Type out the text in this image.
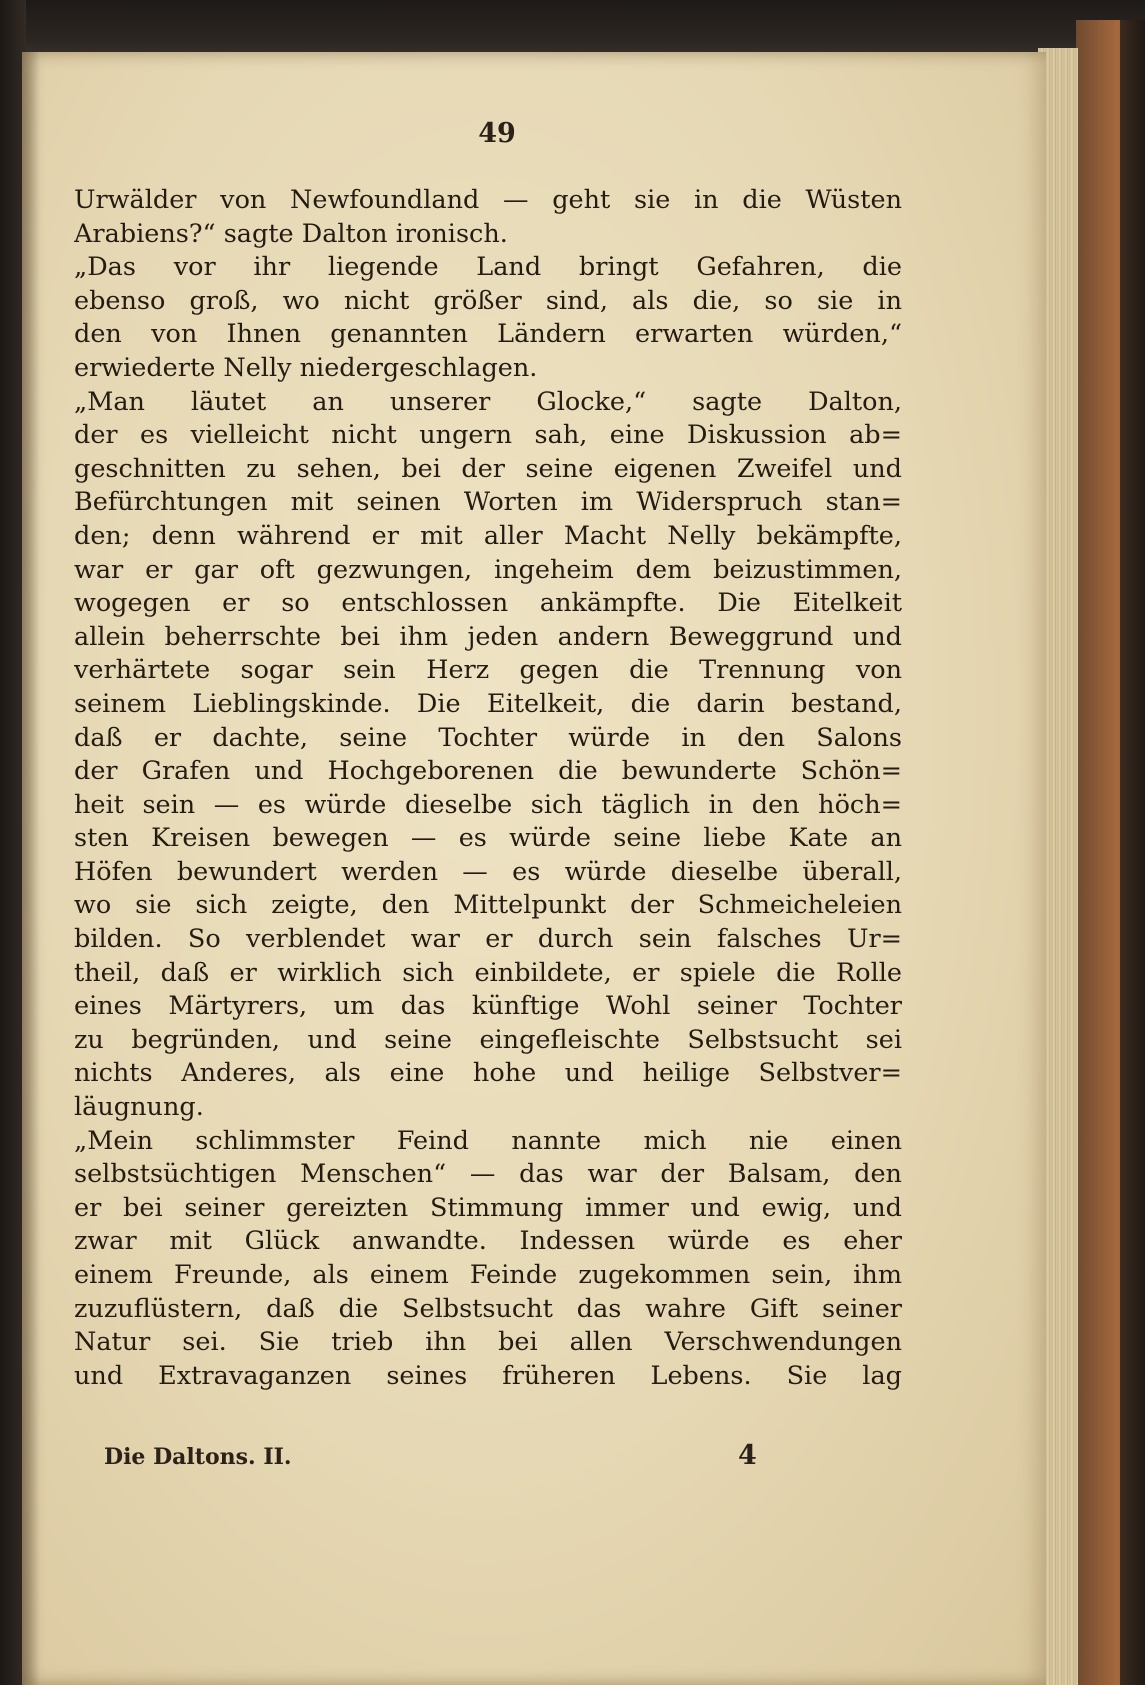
49
Urwälder von Newfoundland — geht sie in die Wüsten
Arabiens?“ sagte Dalton ironisch.
„Das vor ihr liegende Land bringt Gefahren, die
ebenso groß, wo nicht größer sind, als die, so sie in
den von Ihnen genannten Ländern erwarten würden,“
erwiederte Nelly niedergeschlagen.
„Man läutet an unserer Glocke,“ sagte Dalton,
der es vielleicht nicht ungern sah, eine Diskussion ab=
geschnitten zu sehen, bei der seine eigenen Zweifel und
Befürchtungen mit seinen Worten im Widerspruch stan=
den; denn während er mit aller Macht Nelly bekämpfte,
war er gar oft gezwungen, ingeheim dem beizustimmen,
wogegen er so entschlossen ankämpfte. Die Eitelkeit
allein beherrschte bei ihm jeden andern Beweggrund und
verhärtete sogar sein Herz gegen die Trennung von
seinem Lieblingskinde. Die Eitelkeit, die darin bestand,
daß er dachte, seine Tochter würde in den Salons
der Grafen und Hochgeborenen die bewunderte Schön=
heit sein — es würde dieselbe sich täglich in den höch=
sten Kreisen bewegen — es würde seine liebe Kate an
Höfen bewundert werden — es würde dieselbe überall,
wo sie sich zeigte, den Mittelpunkt der Schmeicheleien
bilden. So verblendet war er durch sein falsches Ur=
theil, daß er wirklich sich einbildete, er spiele die Rolle
eines Märtyrers, um das künftige Wohl seiner Tochter
zu begründen, und seine eingefleischte Selbstsucht sei
nichts Anderes, als eine hohe und heilige Selbstver=
läugnung.
„Mein schlimmster Feind nannte mich nie einen
selbstsüchtigen Menschen“ — das war der Balsam, den
er bei seiner gereizten Stimmung immer und ewig, und
zwar mit Glück anwandte. Indessen würde es eher
einem Freunde, als einem Feinde zugekommen sein, ihm
zuzuflüstern, daß die Selbstsucht das wahre Gift seiner
Natur sei. Sie trieb ihn bei allen Verschwendungen
und Extravaganzen seines früheren Lebens. Sie lag
Die Daltons. II.	4
